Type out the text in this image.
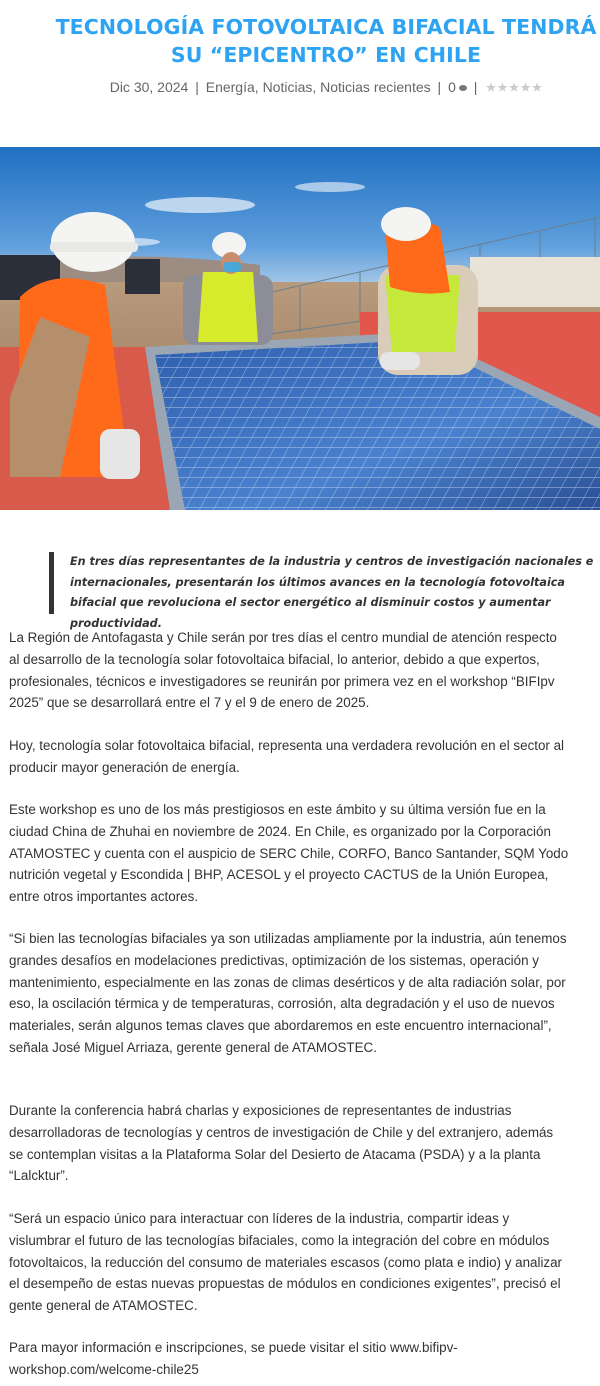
TECNOLOGÍA FOTOVOLTAICA BIFACIAL TENDRÁ SU “EPICENTRO” EN CHILE
Dic 30, 2024 | Energía, Noticias, Noticias recientes | 0 |
En tres días representantes de la industria y centros de investigación nacionales e internacionales, presentarán los últimos avances en la tecnología fotovoltaica bifacial que revoluciona el sector energético al disminuir costos y aumentar productividad.

La Región de Antofagasta y Chile serán por tres días el centro mundial de atención respecto al desarrollo de la tecnología solar fotovoltaica bifacial, lo anterior, debido a que expertos, profesionales, técnicos e investigadores se reunirán por primera vez en el workshop “BIFIpv 2025” que se desarrollará entre el 7 y el 9 de enero de 2025.

Hoy, tecnología solar fotovoltaica bifacial, representa una verdadera revolución en el sector al producir mayor generación de energía.

Este workshop es uno de los más prestigiosos en este ámbito y su última versión fue en la ciudad China de Zhuhai en noviembre de 2024. En Chile, es organizado por la Corporación ATAMOSTEC y cuenta con el auspicio de SERC Chile, CORFO, Banco Santander, SQM Yodo nutrición vegetal y Escondida | BHP, ACESOL y el proyecto CACTUS de la Unión Europea, entre otros importantes actores.

“Si bien las tecnologías bifaciales ya son utilizadas ampliamente por la industria, aún tenemos grandes desafíos en modelaciones predictivas, optimización de los sistemas, operación y mantenimiento, especialmente en las zonas de climas desérticos y de alta radiación solar, por eso, la oscilación térmica y de temperaturas, corrosión, alta degradación y el uso de nuevos materiales, serán algunos temas claves que abordaremos en este encuentro internacional”, señala José Miguel Arriaza, gerente general de ATAMOSTEC.

Durante la conferencia habrá charlas y exposiciones de representantes de industrias desarrolladoras de tecnologías y centros de investigación de Chile y del extranjero, además se contemplan visitas a la Plataforma Solar del Desierto de Atacama (PSDA) y a la planta “Lalcktur”.

“Será un espacio único para interactuar con líderes de la industria, compartir ideas y vislumbrar el futuro de las tecnologías bifaciales, como la integración del cobre en módulos fotovoltaicos, la reducción del consumo de materiales escasos (como plata e indio) y analizar el desempeño de estas nuevas propuestas de módulos en condiciones exigentes”, precisó el gente general de ATAMOSTEC.

Para mayor información e inscripciones, se puede visitar el sitio www.bifipv-workshop.com/welcome-chile25
